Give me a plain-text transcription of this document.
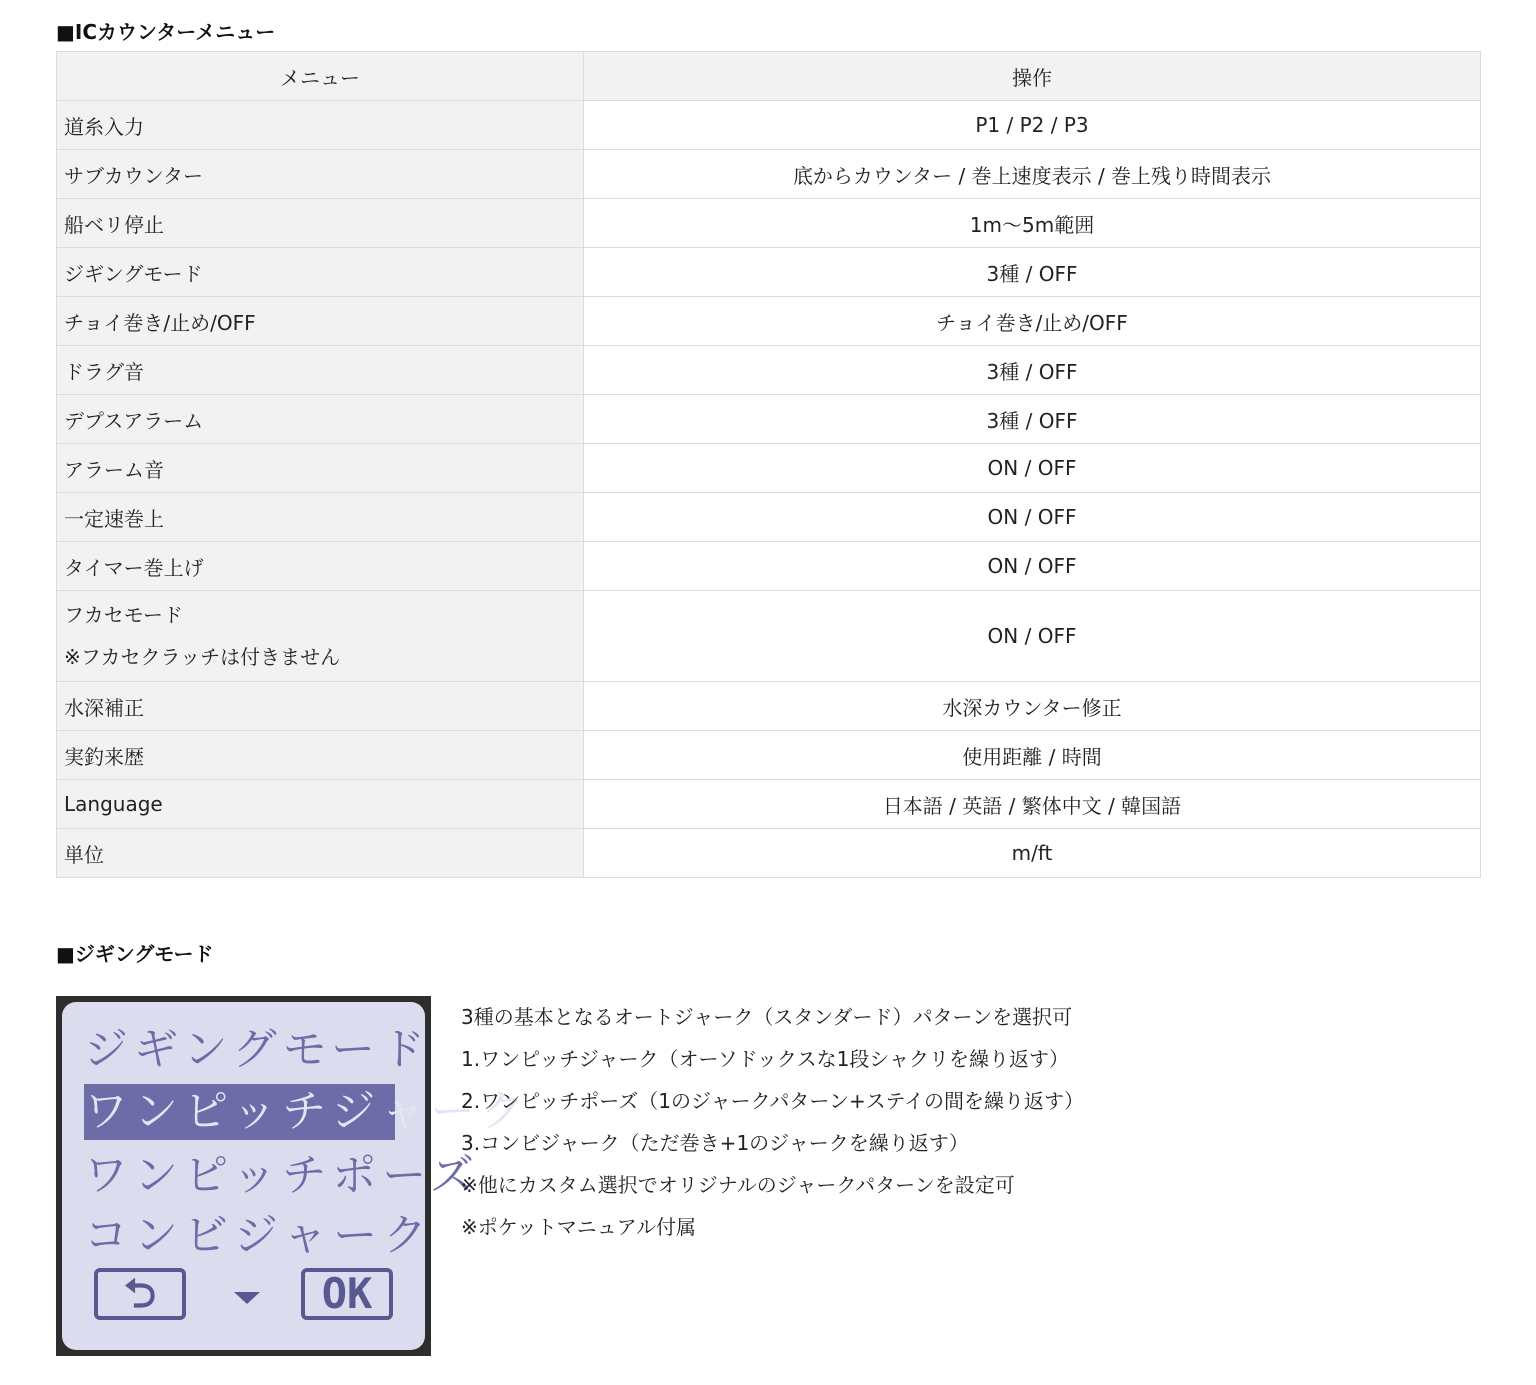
■ICカウンターメニュー
メニュー	操作
道糸入力	P1 / P2 / P3
サブカウンター	底からカウンター / 巻上速度表示 / 巻上残り時間表示
船ベリ停止	1m〜5m範囲
ジギングモード	3種 / OFF
チョイ巻き/止め/OFF	チョイ巻き/止め/OFF
ドラグ音	3種 / OFF
デプスアラーム	3種 / OFF
アラーム音	ON / OFF
一定速巻上	ON / OFF
タイマー巻上げ	ON / OFF

フカセモード
※フカセクラッチは付きません	ON / OFF
水深補正	水深カウンター修正
実釣来歴	使用距離 / 時間
Language	日本語 / 英語 / 繁体中文 / 韓国語
単位	m/ft
■ジギングモード
ジギングモード
ワンピッチジャーク
ワンピッチポーズ
コンビジャーク
⮌	OK
3種の基本となるオートジャーク（スタンダード）パターンを選択可
1.ワンピッチジャーク（オーソドックスな1段シャクリを繰り返す）
2.ワンピッチポーズ（1のジャークパターン+ステイの間を繰り返す）
3.コンビジャーク（ただ巻き+1のジャークを繰り返す）
※他にカスタム選択でオリジナルのジャークパターンを設定可
※ポケットマニュアル付属
